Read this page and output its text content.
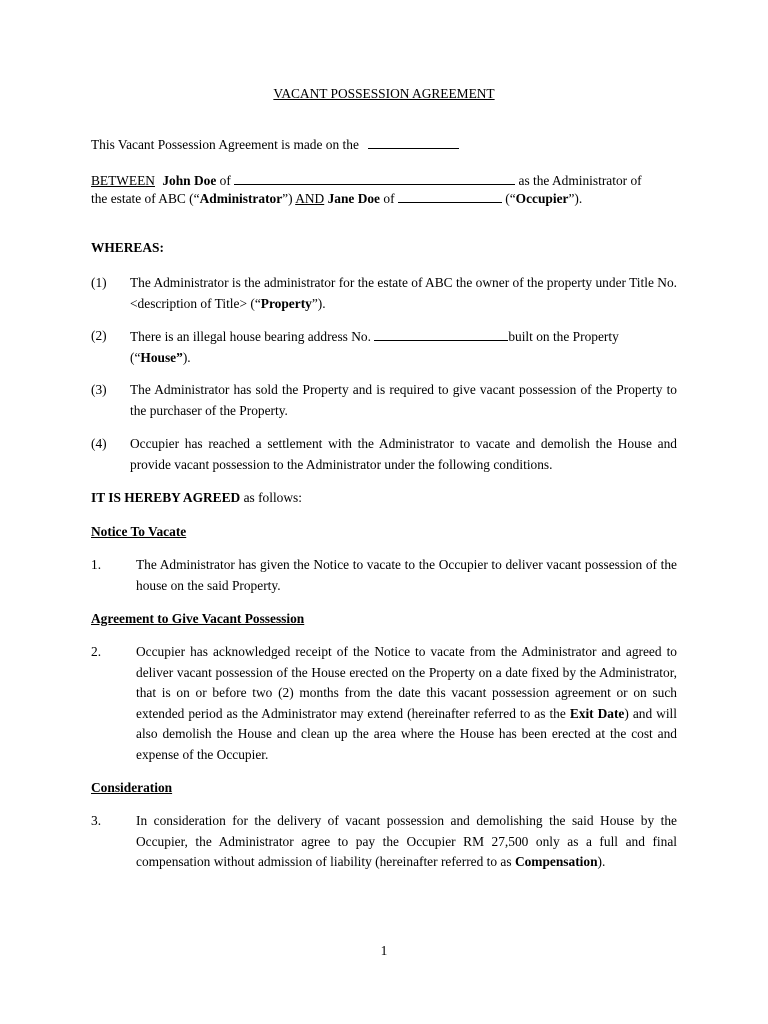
VACANT POSSESSION AGREEMENT
This Vacant Possession Agreement is made on the
BETWEEN John Doe of	as the Administrator of
the estate of ABC (“Administrator”) AND Jane Doe of	(“Occupier”).
WHEREAS:
(1)	The Administrator is the administrator for the estate of ABC the owner of the property under Title No. <description of Title> (“Property”).
(2)	There is an illegal house bearing address No.	built on the Property (“House”).
(3)	The Administrator has sold the Property and is required to give vacant possession of the Property to the purchaser of the Property.
(4)	Occupier has reached a settlement with the Administrator to vacate and demolish the House and provide vacant possession to the Administrator under the following conditions.
IT IS HEREBY AGREED as follows:
Notice To Vacate
1.	The Administrator has given the Notice to vacate to the Occupier to deliver vacant possession of the house on the said Property.
Agreement to Give Vacant Possession
2.	Occupier has acknowledged receipt of the Notice to vacate from the Administrator and agreed to deliver vacant possession of the House erected on the Property on a date fixed by the Administrator, that is on or before two (2) months from the date this vacant possession agreement or on such extended period as the Administrator may extend (hereinafter referred to as the Exit Date) and will also demolish the House and clean up the area where the House has been erected at the cost and expense of the Occupier.
Consideration
3.	In consideration for the delivery of vacant possession and demolishing the said House by the Occupier, the Administrator agree to pay the Occupier RM 27,500 only as a full and final compensation without admission of liability (hereinafter referred to as Compensation).
1
